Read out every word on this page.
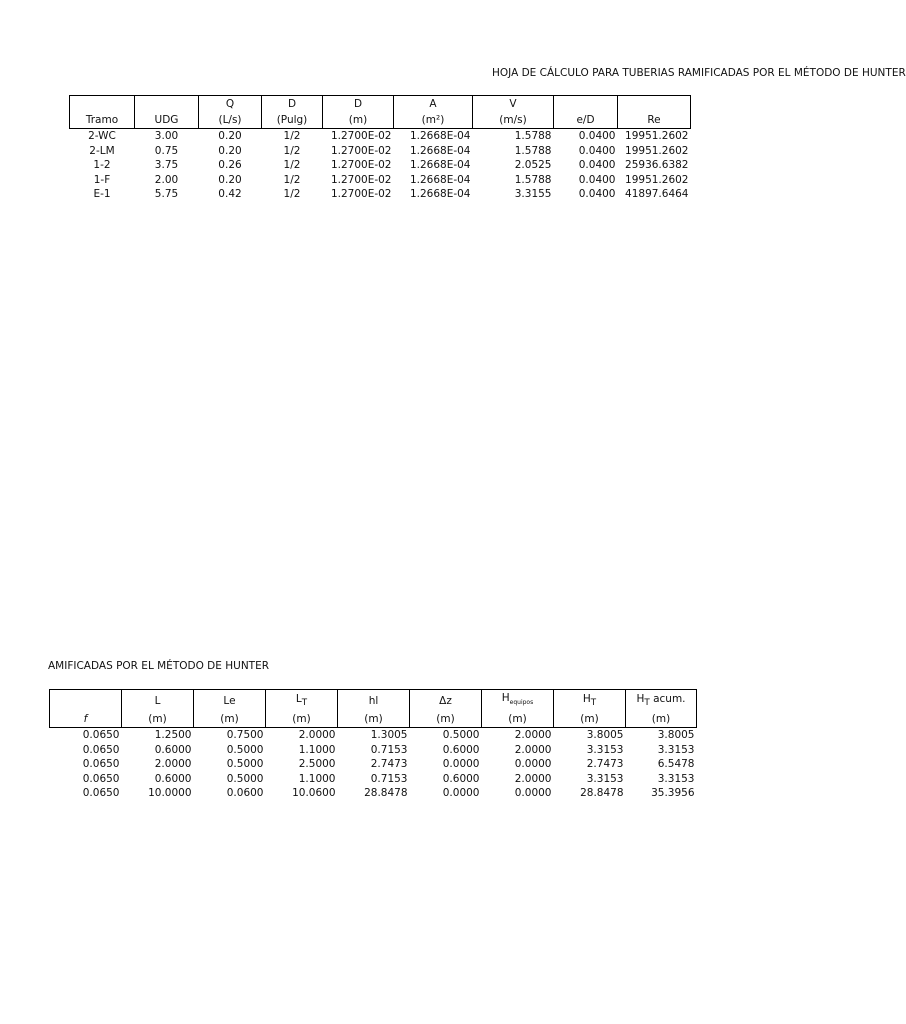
HOJA DE CÁLCULO PARA TUBERIAS RAMIFICADAS POR EL MÉTODO DE HUNTER
		Q	D	D	A	V		
Tramo	UDG	(L/s)	(Pulg)	(m)	(m²)	(m/s)	e/D	Re
2-WC	3.00	0.20	1/2	1.2700E-02	1.2668E-04	1.5788	0.0400	19951.2602
2-LM	0.75	0.20	1/2	1.2700E-02	1.2668E-04	1.5788	0.0400	19951.2602
1-2	3.75	0.26	1/2	1.2700E-02	1.2668E-04	2.0525	0.0400	25936.6382
1-F	2.00	0.20	1/2	1.2700E-02	1.2668E-04	1.5788	0.0400	19951.2602
E-1	5.75	0.42	1/2	1.2700E-02	1.2668E-04	3.3155	0.0400	41897.6464
AMIFICADAS POR EL MÉTODO DE HUNTER
	L	Le	$L_T$	hl	Δz	$H_{equipos}$	$H_T$	$H_T$ acum.
f	(m)	(m)	(m)	(m)	(m)	(m)	(m)	(m)
0.0650	1.2500	0.7500	2.0000	1.3005	0.5000	2.0000	3.8005	3.8005
0.0650	0.6000	0.5000	1.1000	0.7153	0.6000	2.0000	3.3153	3.3153
0.0650	2.0000	0.5000	2.5000	2.7473	0.0000	0.0000	2.7473	6.5478
0.0650	0.6000	0.5000	1.1000	0.7153	0.6000	2.0000	3.3153	3.3153
0.0650	10.0000	0.0600	10.0600	28.8478	0.0000	0.0000	28.8478	35.3956
